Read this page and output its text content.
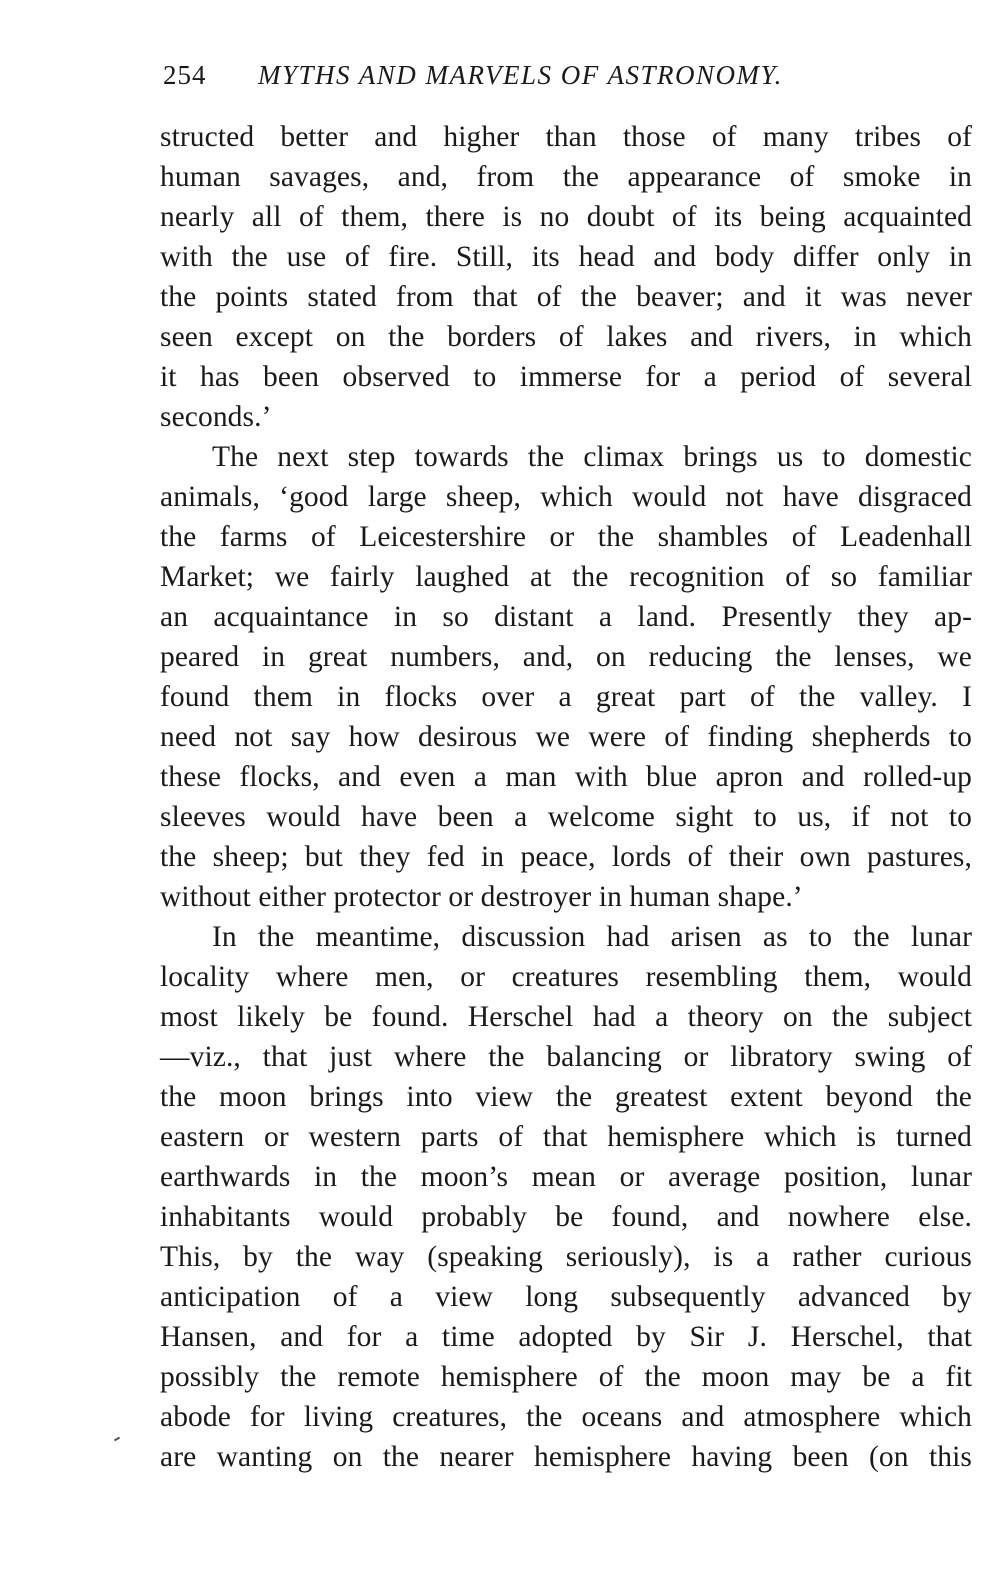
254 MYTHS AND MARVELS OF ASTRONOMY.
structed better and higher than those of many tribes of
human savages, and, from the appearance of smoke in
nearly all of them, there is no doubt of its being acquainted
with the use of fire. Still, its head and body differ only in
the points stated from that of the beaver; and it was never
seen except on the borders of lakes and rivers, in which
it has been observed to immerse for a period of several
seconds.’
The next step towards the climax brings us to domestic
animals, ‘good large sheep, which would not have disgraced
the farms of Leicestershire or the shambles of Leadenhall
Market; we fairly laughed at the recognition of so familiar
an acquaintance in so distant a land. Presently they ap-
peared in great numbers, and, on reducing the lenses, we
found them in flocks over a great part of the valley. I
need not say how desirous we were of finding shepherds to
these flocks, and even a man with blue apron and rolled-up
sleeves would have been a welcome sight to us, if not to
the sheep; but they fed in peace, lords of their own pastures,
without either protector or destroyer in human shape.’
In the meantime, discussion had arisen as to the lunar
locality where men, or creatures resembling them, would
most likely be found. Herschel had a theory on the subject
—viz., that just where the balancing or libratory swing of
the moon brings into view the greatest extent beyond the
eastern or western parts of that hemisphere which is turned
earthwards in the moon’s mean or average position, lunar
inhabitants would probably be found, and nowhere else.
This, by the way (speaking seriously), is a rather curious
anticipation of a view long subsequently advanced by
Hansen, and for a time adopted by Sir J. Herschel, that
possibly the remote hemisphere of the moon may be a fit
abode for living creatures, the oceans and atmosphere which
are wanting on the nearer hemisphere having been (on this
